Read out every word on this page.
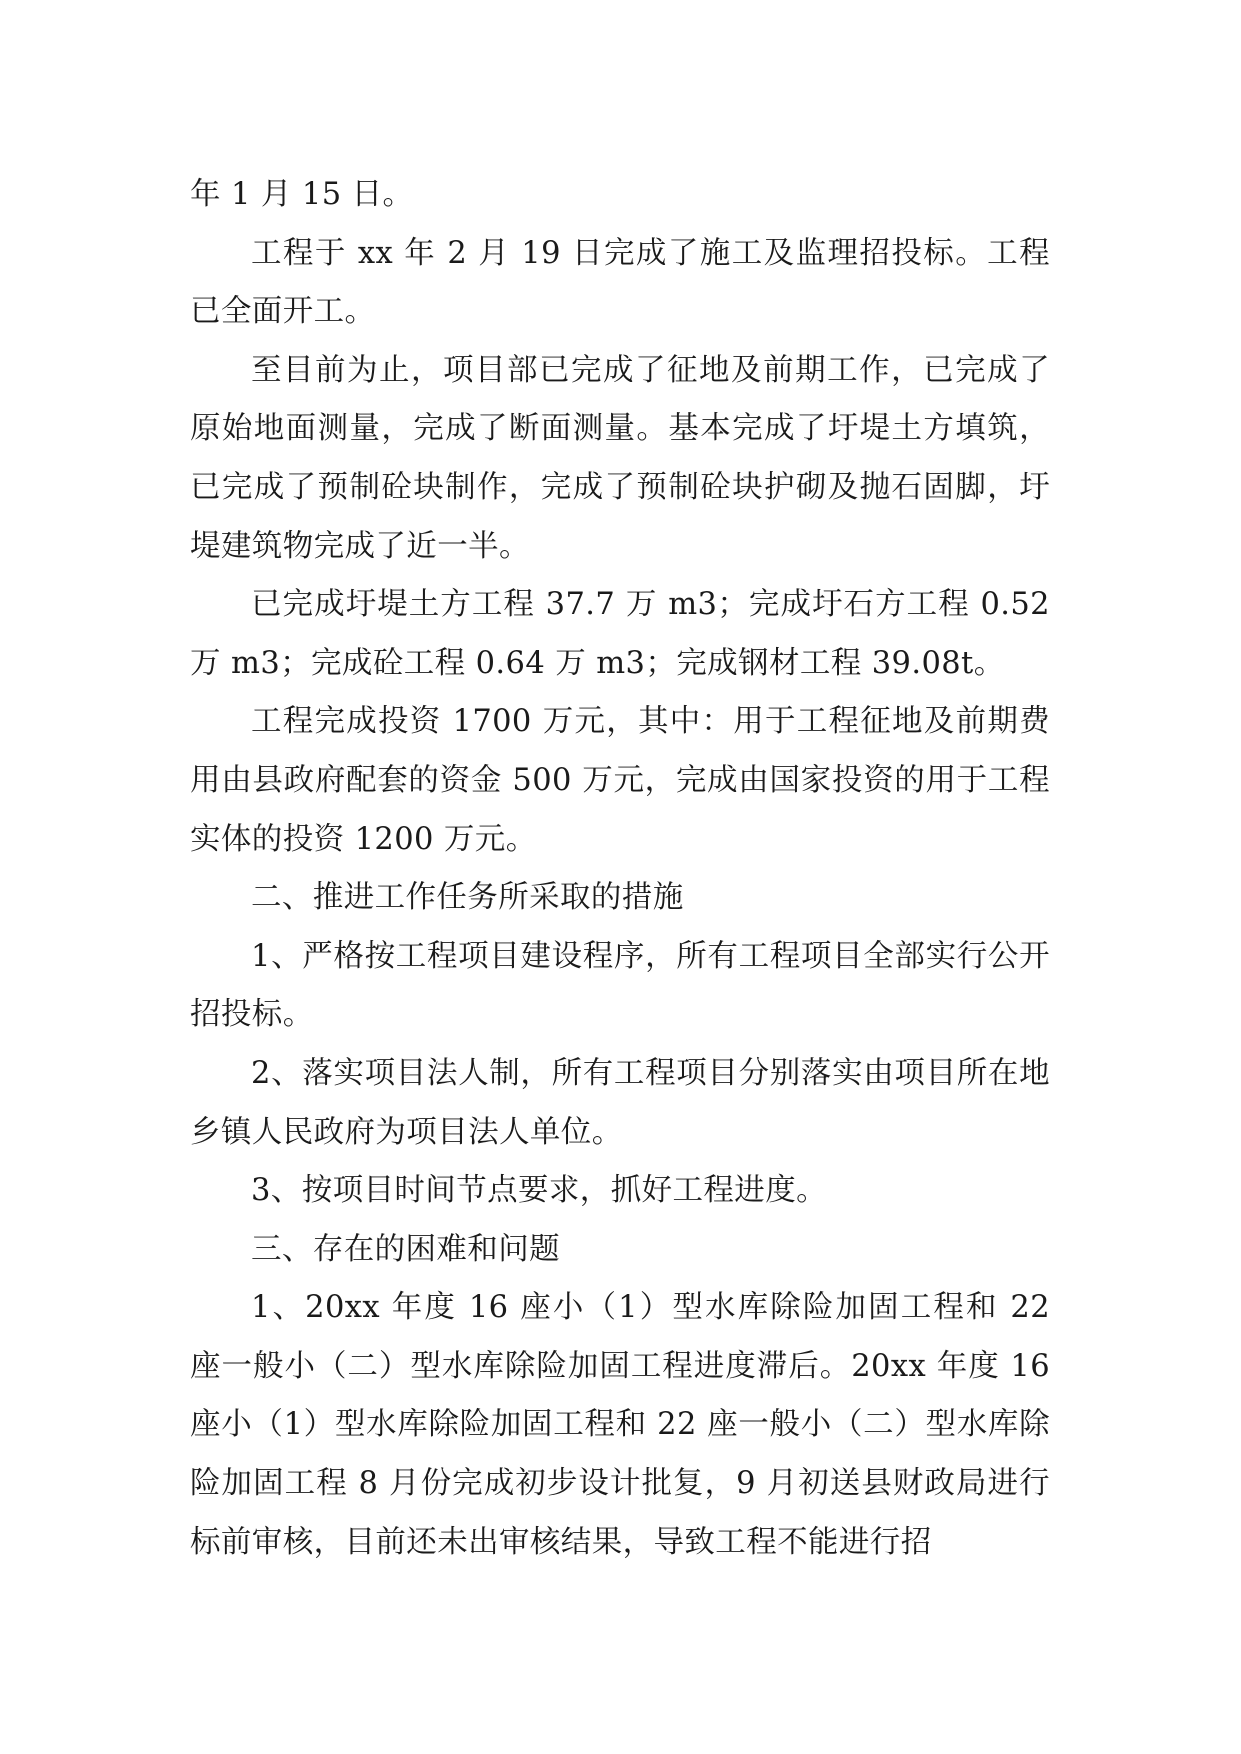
年 1 月 15 日。

工程于 xx 年 2 月 19 日完成了施工及监理招投标。工程已全面开工。

至目前为止，项目部已完成了征地及前期工作，已完成了原始地面测量，完成了断面测量。基本完成了圩堤土方填筑，已完成了预制砼块制作，完成了预制砼块护砌及抛石固脚，圩堤建筑物完成了近一半。

已完成圩堤土方工程 37.7 万 m3；完成圩石方工程 0.52 万 m3；完成砼工程 0.64 万 m3；完成钢材工程 39.08t。

工程完成投资 1700 万元，其中：用于工程征地及前期费用由县政府配套的资金 500 万元，完成由国家投资的用于工程实体的投资 1200 万元。

二、推进工作任务所采取的措施

1、严格按工程项目建设程序，所有工程项目全部实行公开招投标。

2、落实项目法人制，所有工程项目分别落实由项目所在地乡镇人民政府为项目法人单位。

3、按项目时间节点要求，抓好工程进度。

三、存在的困难和问题

1、20xx 年度 16 座小（1）型水库除险加固工程和 22 座一般小（二）型水库除险加固工程进度滞后。20xx 年度 16 座小（1）型水库除险加固工程和 22 座一般小（二）型水库除险加固工程 8 月份完成初步设计批复，9 月初送县财政局进行标前审核，目前还未出审核结果，导致工程不能进行招
